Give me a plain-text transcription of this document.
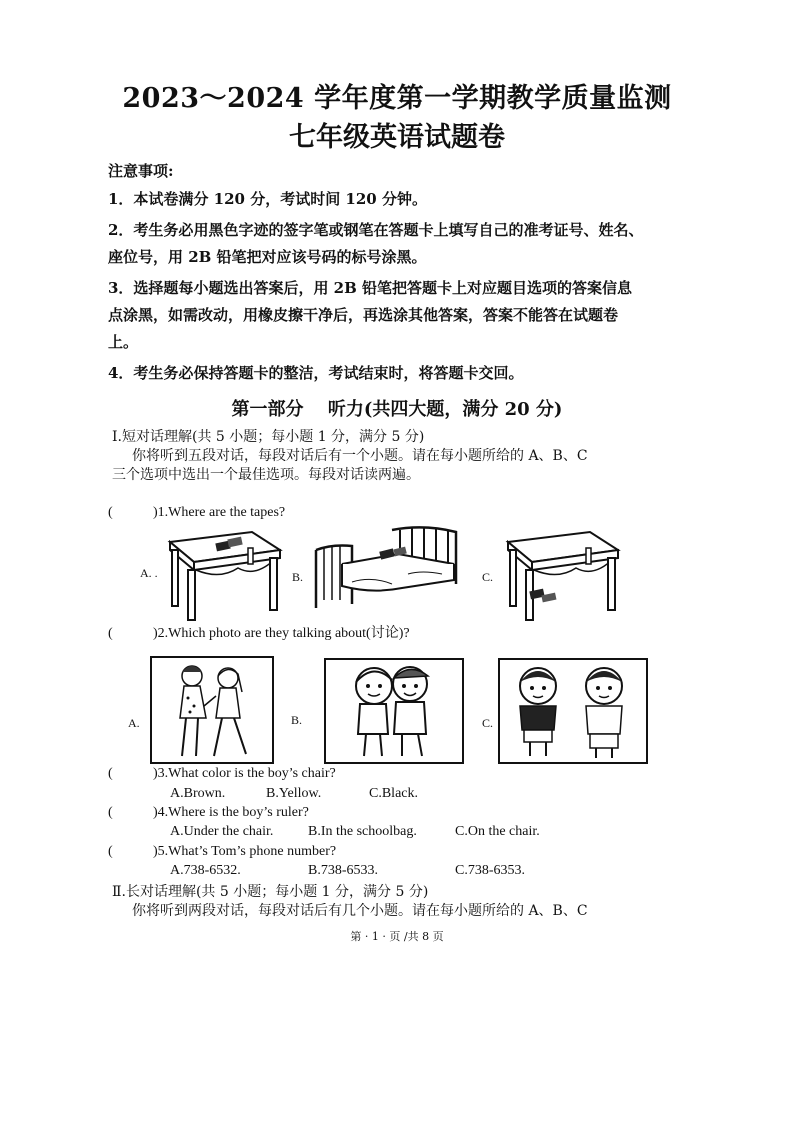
2023～2024 学年度第一学期教学质量监测
七年级英语试题卷
注意事项:
1．本试卷满分 120 分，考试时间 120 分钟。
2．考生务必用黑色字迹的签字笔或钢笔在答题卡上填写自己的准考证号、姓名、
座位号，用 2B 铅笔把对应该号码的标号涂黑。
3．选择题每小题选出答案后，用 2B 铅笔把答题卡上对应题目选项的答案信息
点涂黑，如需改动，用橡皮擦干净后，再选涂其他答案，答案不能答在试题卷
上。
4．考生务必保持答题卡的整洁，考试结束时，将答题卡交回。
第一部分　 听力(共四大题，满分 20 分)
Ⅰ.短对话理解(共 5 小题；每小题 1 分，满分 5 分)
你将听到五段对话，每段对话后有一个小题。请在每小题所给的 A、B、C
三个选项中选出一个最佳选项。每段对话读两遍。
(	)1.Where are the tapes?
A. .	B.	C.
(	)2.Which photo are they talking about(讨论)?
A.	B.	C.
(	)3.What color is the boy’s chair?
A.Brown.	B.Yellow.	C.Black.
(	)4.Where is the boy’s ruler?
A.Under the chair. B.In the schoolbag.	C.On the chair.
(	)5.What’s Tom’s phone number?
A.738-6532.	B.738-6533.	C.738-6353.
Ⅱ.长对话理解(共 5 小题；每小题 1 分，满分 5 分)
你将听到两段对话，每段对话后有几个小题。请在每小题所给的 A、B、C
第 · 1 · 页 /共 8 页
